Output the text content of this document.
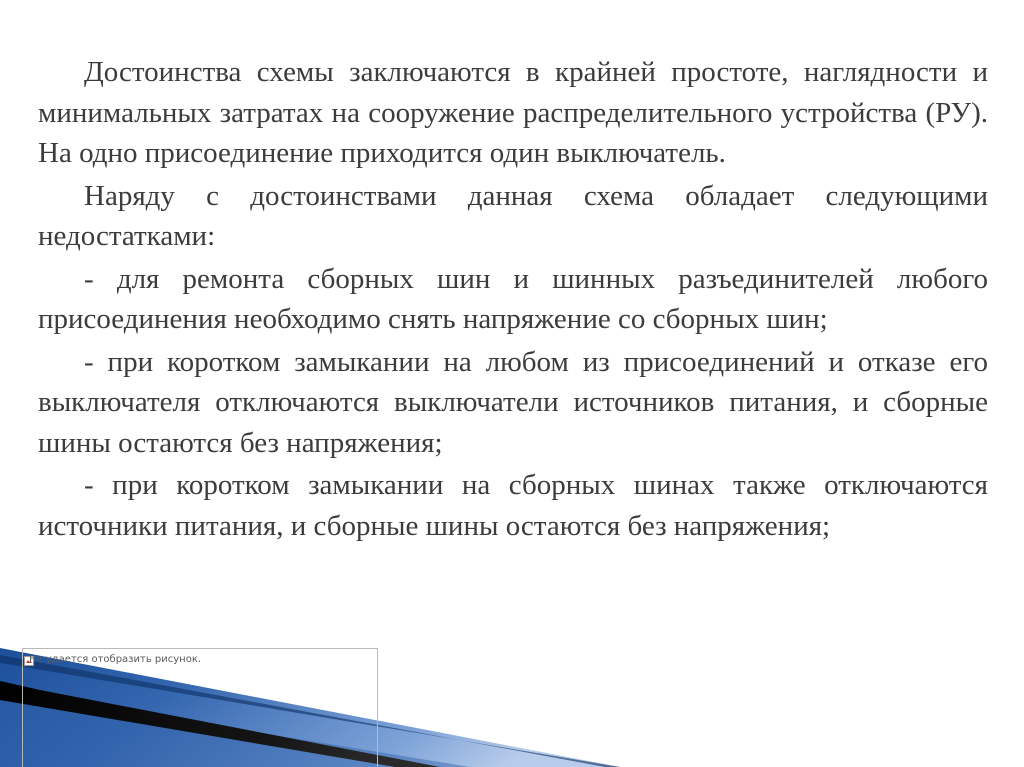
Достоинства схемы заключаются в крайней простоте, наглядности и минимальных затратах на сооружение распределительного устройства (РУ). На одно присоединение приходится один выключатель.

Наряду с достоинствами данная схема обладает следующими недостатками:

- для ремонта сборных шин и шинных разъединителей любого присоединения необходимо снять напряжение со сборных шин;

- при коротком замыкании на любом из присоединений и отказе его выключателя отключаются выключатели источников питания, и сборные шины остаются без напряжения;

- при коротком замыкании на сборных шинах также отключаются источники питания, и сборные шины остаются без напряжения;

Не удается отобразить рисунок.
